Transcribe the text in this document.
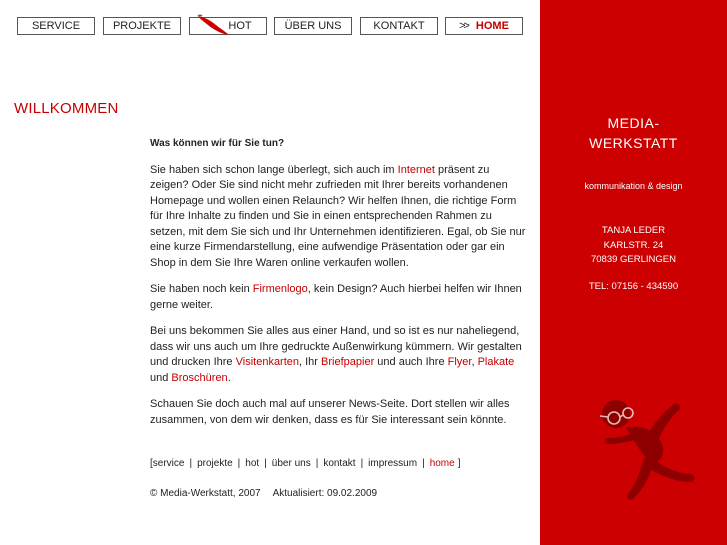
SERVICE	PROJEKTE	HOT	ÜBER UNS	KONTAKT	>> HOME
WILLKOMMEN

Was können wir für Sie tun?

Sie haben sich schon lange überlegt, sich auch im Internet präsent zu zeigen? Oder Sie sind nicht mehr zufrieden mit Ihrer bereits vorhandenen Homepage und wollen einen Relaunch? Wir helfen Ihnen, die richtige Form für Ihre Inhalte zu finden und Sie in einen entsprechenden Rahmen zu setzen, mit dem Sie sich und Ihr Unternehmen identifizieren. Egal, ob Sie nur eine kurze Firmendarstellung, eine aufwendige Präsentation oder gar ein Shop in dem Sie Ihre Waren online verkaufen wollen.

Sie haben noch kein Firmenlogo, kein Design? Auch hierbei helfen wir Ihnen gerne weiter.

Bei uns bekommen Sie alles aus einer Hand, und so ist es nur naheliegend, dass wir uns auch um Ihre gedruckte Außenwirkung kümmern. Wir gestalten und drucken Ihre Visitenkarten, Ihr Briefpapier und auch Ihre Flyer, Plakate und Broschüren.

Schauen Sie doch auch mal auf unserer News-Seite. Dort stellen wir alles zusammen, von dem wir denken, dass es für Sie interessant sein könnte.

[service | projekte | hot | über uns | kontakt | impressum | home ]
© Media-Werkstatt, 2007 Aktualisiert: 09.02.2009
MEDIA-
WERKSTATT
kommunikation & design
TANJA LEDER
KARLSTR. 24
70839 GERLINGEN
TEL: 07156 - 434590
